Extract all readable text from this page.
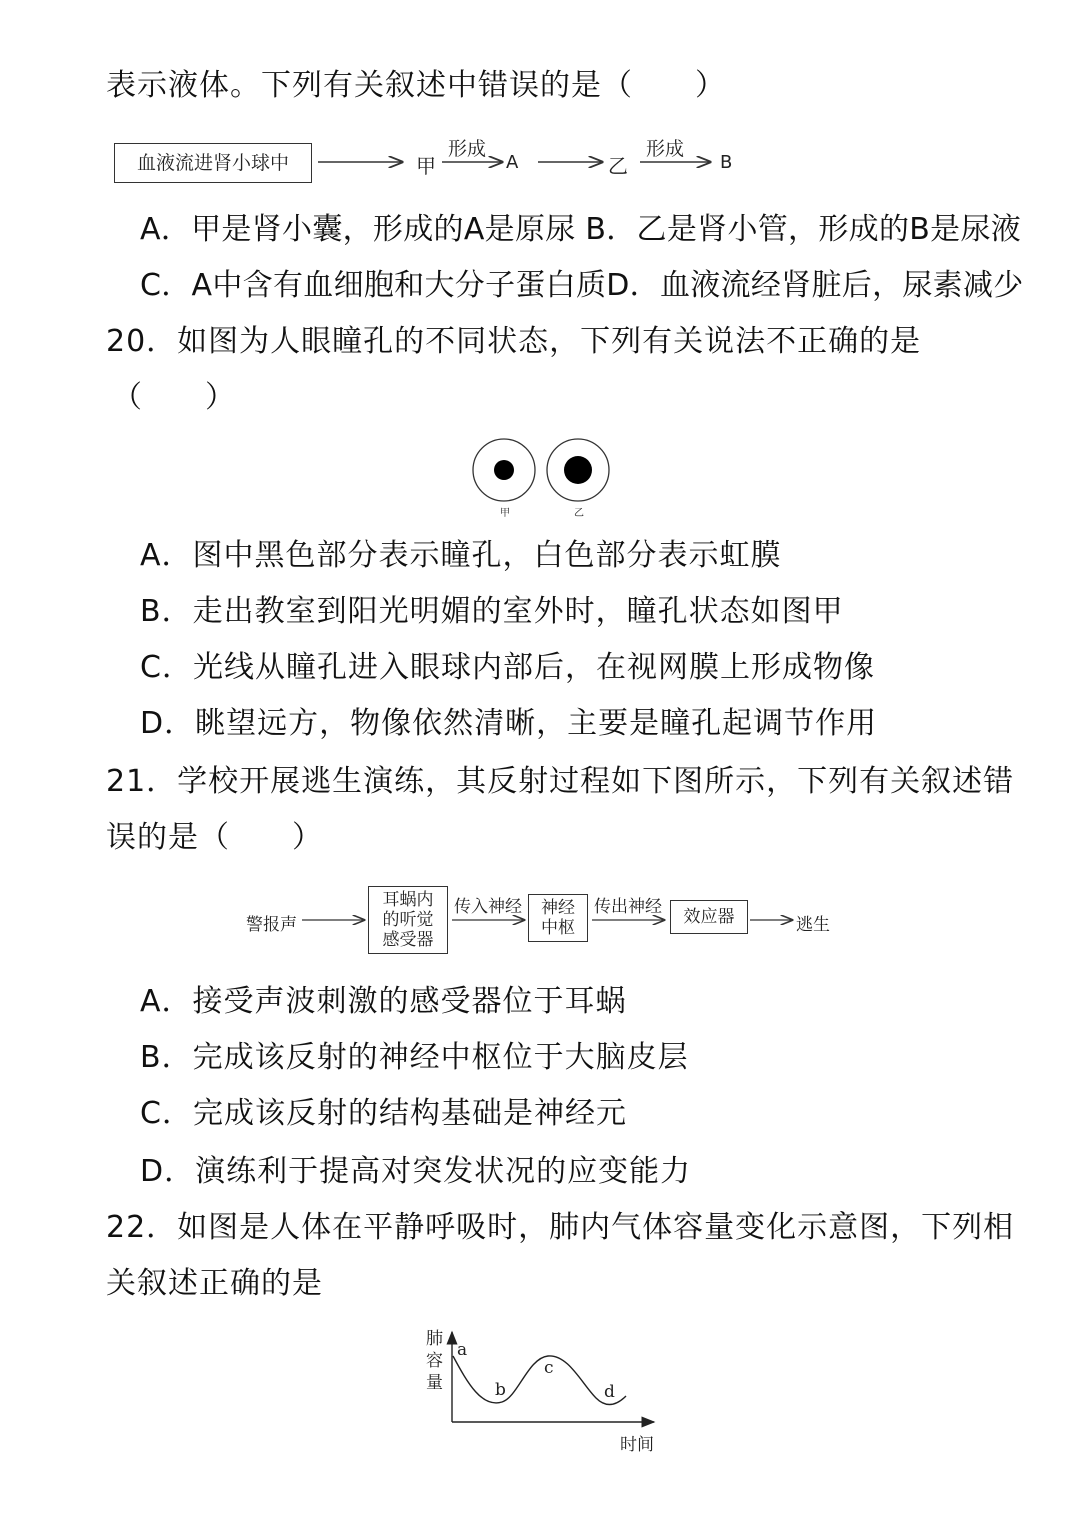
表示液体。下列有关叙述中错误的是（　　）
血液流进肾小球中	甲
形成
A	乙
形成
B
A．甲是肾小囊，形成的A是原尿 B．乙是肾小管，形成的B是尿液
C．A中含有血细胞和大分子蛋白质D．血液流经肾脏后，尿素减少
20．如图为人眼瞳孔的不同状态，下列有关说法不正确的是
（　　）
甲	乙
A．图中黑色部分表示瞳孔，白色部分表示虹膜
B．走出教室到阳光明媚的室外时，瞳孔状态如图甲
C．光线从瞳孔进入眼球内部后，在视网膜上形成物像
D．眺望远方，物像依然清晰，主要是瞳孔起调节作用
21．学校开展逃生演练，其反射过程如下图所示，下列有关叙述错
误的是（　　）
警报声
耳蜗内
的听觉
感受器
传入神经 神经
中枢
传出神经	效应器	逃生
A．接受声波刺激的感受器位于耳蜗
B．完成该反射的神经中枢位于大脑皮层
C．完成该反射的结构基础是神经元
D．演练利于提高对突发状况的应变能力
22．如图是人体在平静呼吸时，肺内气体容量变化示意图，下列相
关叙述正确的是
肺
容
量
a
b
c
d
时间
